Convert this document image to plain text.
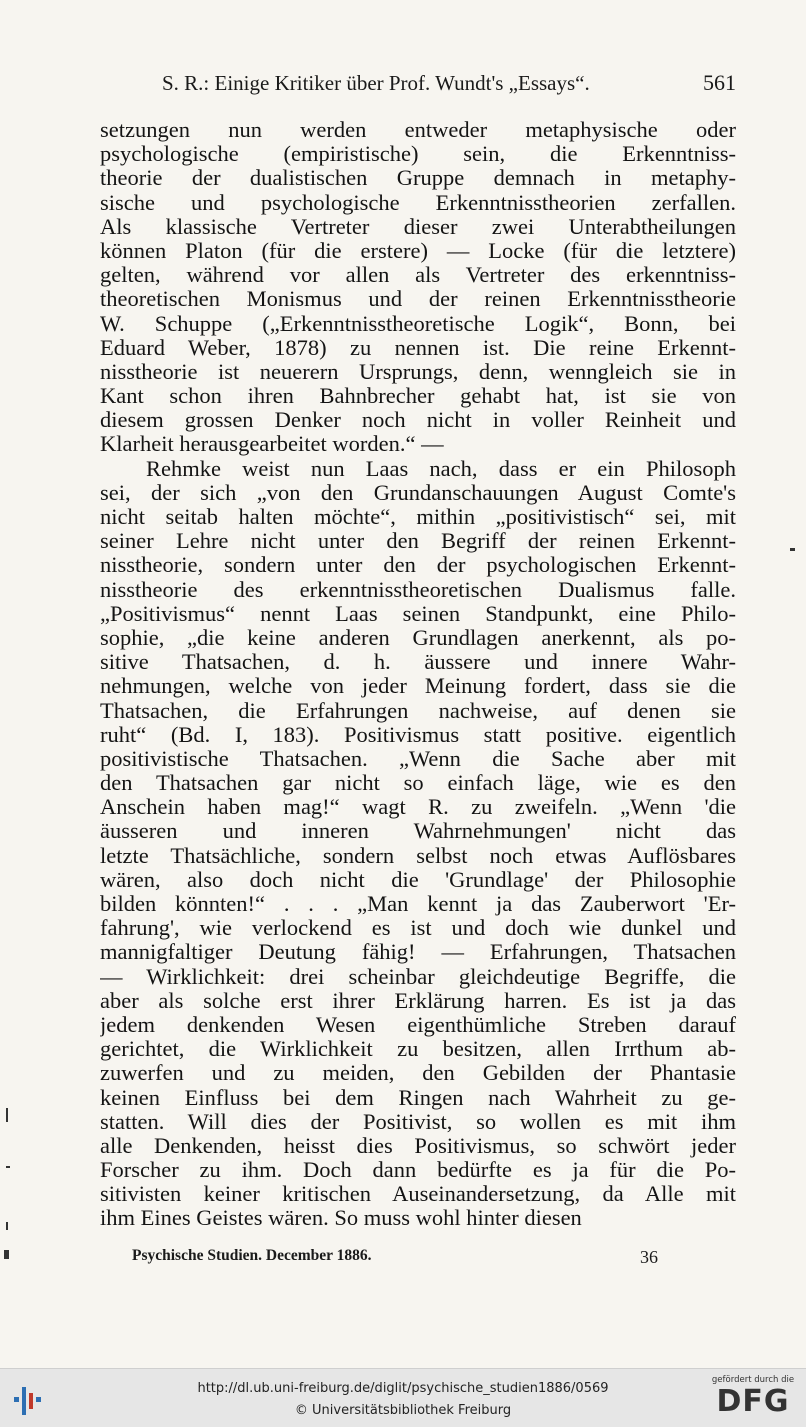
S. R.: Einige Kritiker über Prof. Wundt's „Essays“.	561
setzungen nun werden entweder metaphysische oder
psychologische (empiristische) sein, die Erkenntniss-
theorie der dualistischen Gruppe demnach in metaphy-
sische und psychologische Erkenntnisstheorien zerfallen.
Als klassische Vertreter dieser zwei Unterabtheilungen
können Platon (für die erstere) — Locke (für die letztere)
gelten, während vor allen als Vertreter des erkenntniss-
theoretischen Monismus und der reinen Erkenntnisstheorie
W. Schuppe („Erkenntnisstheoretische Logik“, Bonn, bei
Eduard Weber, 1878) zu nennen ist. Die reine Erkennt-
nisstheorie ist neuerern Ursprungs, denn, wenngleich sie in
Kant schon ihren Bahnbrecher gehabt hat, ist sie von
diesem grossen Denker noch nicht in voller Reinheit und
Klarheit herausgearbeitet worden.“ —
Rehmke weist nun Laas nach, dass er ein Philosoph
sei, der sich „von den Grundanschauungen August Comte's
nicht seitab halten möchte“, mithin „positivistisch“ sei, mit
seiner Lehre nicht unter den Begriff der reinen Erkennt-
nisstheorie, sondern unter den der psychologischen Erkennt-
nisstheorie des erkenntnisstheoretischen Dualismus falle.
„Positivismus“ nennt Laas seinen Standpunkt, eine Philo-
sophie, „die keine anderen Grundlagen anerkennt, als po-
sitive Thatsachen, d. h. äussere und innere Wahr-
nehmungen, welche von jeder Meinung fordert, dass sie die
Thatsachen, die Erfahrungen nachweise, auf denen sie
ruht“ (Bd. I, 183). Positivismus statt positive. eigentlich
positivistische Thatsachen. „Wenn die Sache aber mit
den Thatsachen gar nicht so einfach läge, wie es den
Anschein haben mag!“ wagt R. zu zweifeln. „Wenn 'die
äusseren und inneren Wahrnehmungen' nicht das
letzte Thatsächliche, sondern selbst noch etwas Auflösbares
wären, also doch nicht die 'Grundlage' der Philosophie
bilden könnten!“ . . . „Man kennt ja das Zauberwort 'Er-
fahrung', wie verlockend es ist und doch wie dunkel und
mannigfaltiger Deutung fähig! — Erfahrungen, Thatsachen
— Wirklichkeit: drei scheinbar gleichdeutige Begriffe, die
aber als solche erst ihrer Erklärung harren. Es ist ja das
jedem denkenden Wesen eigenthümliche Streben darauf
gerichtet, die Wirklichkeit zu besitzen, allen Irrthum ab-
zuwerfen und zu meiden, den Gebilden der Phantasie
keinen Einfluss bei dem Ringen nach Wahrheit zu ge-
statten. Will dies der Positivist, so wollen es mit ihm
alle Denkenden, heisst dies Positivismus, so schwört jeder
Forscher zu ihm. Doch dann bedürfte es ja für die Po-
sitivisten keiner kritischen Auseinandersetzung, da Alle mit
ihm Eines Geistes wären. So muss wohl hinter diesen
Psychische Studien. December 1886.	36
http://dl.ub.uni-freiburg.de/diglit/psychische_studien1886/0569
© Universitätsbibliothek Freiburg
gefördert durch die
DFG
